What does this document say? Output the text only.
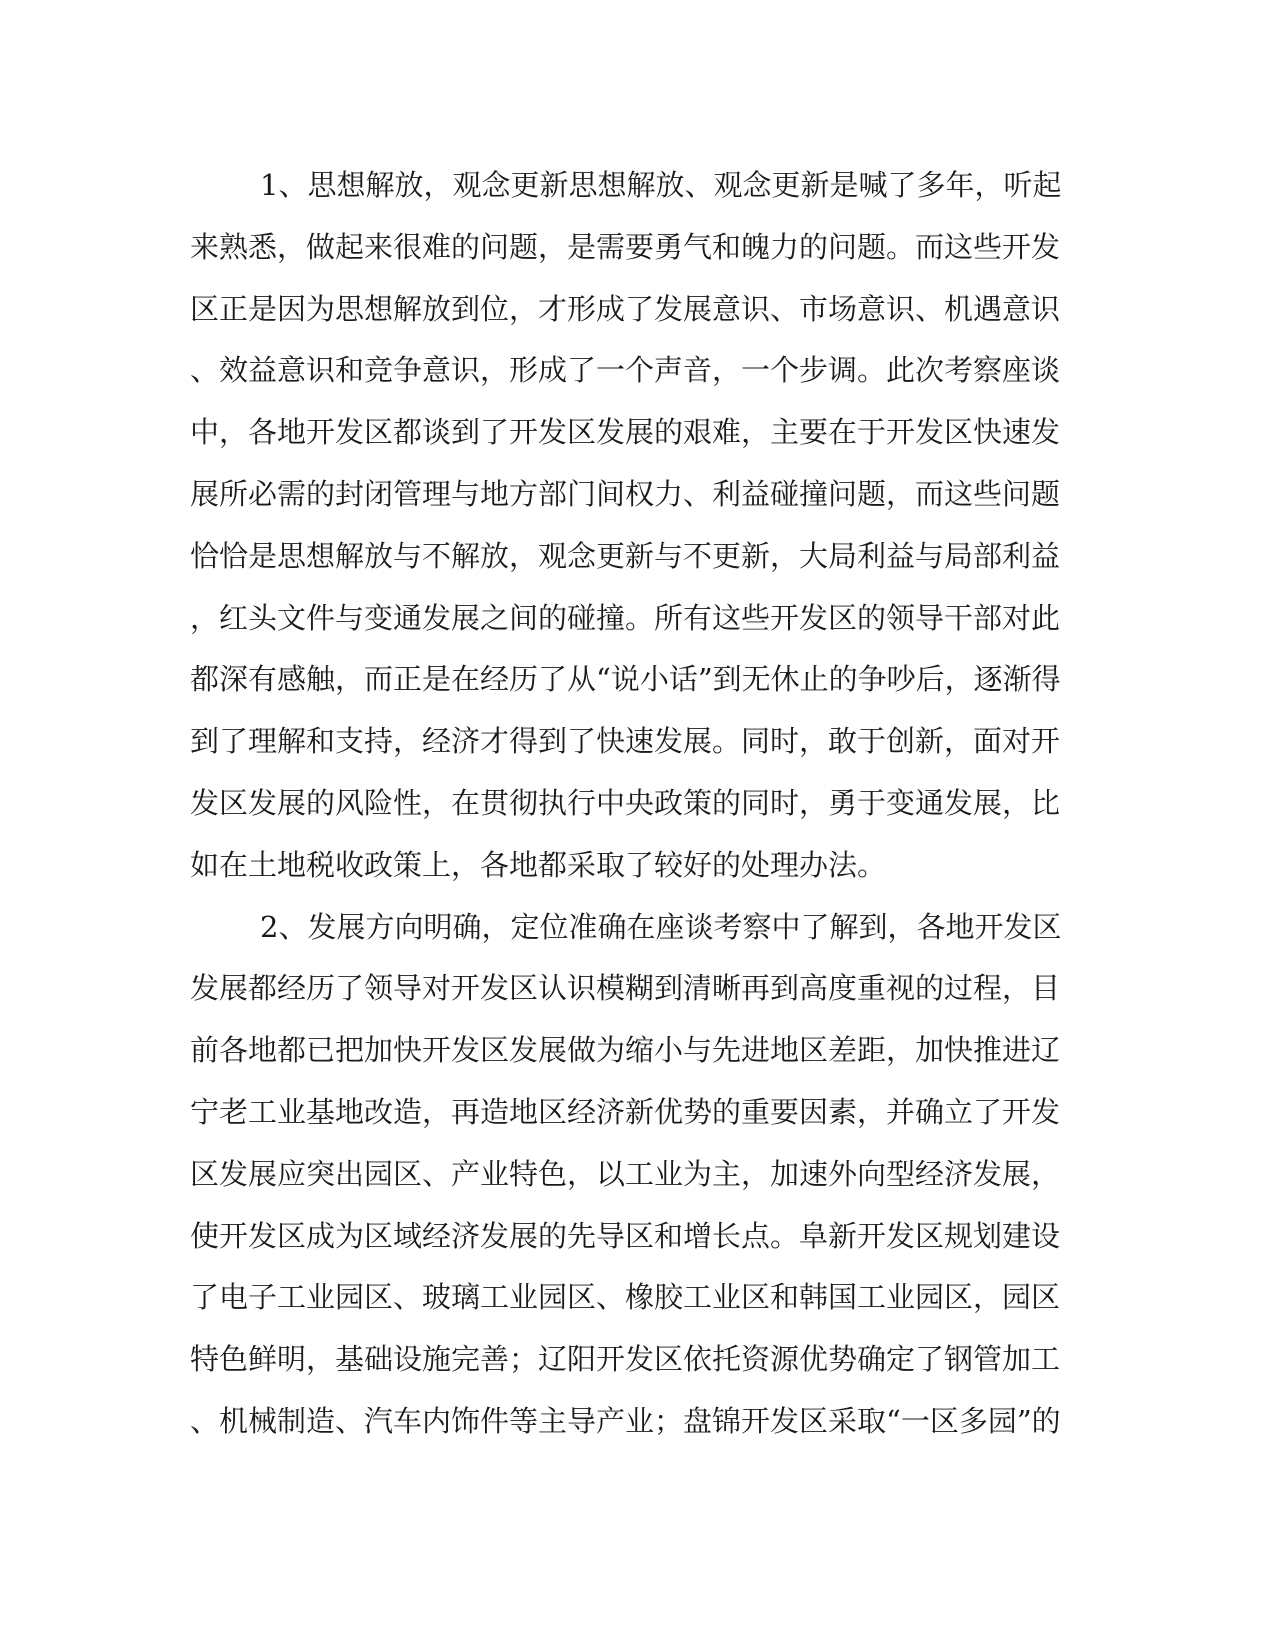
1、思想解放，观念更新思想解放、观念更新是喊了多年，听起
来熟悉，做起来很难的问题，是需要勇气和魄力的问题。而这些开发
区正是因为思想解放到位，才形成了发展意识、市场意识、机遇意识
、效益意识和竞争意识，形成了一个声音，一个步调。此次考察座谈
中，各地开发区都谈到了开发区发展的艰难，主要在于开发区快速发
展所必需的封闭管理与地方部门间权力、利益碰撞问题，而这些问题
恰恰是思想解放与不解放，观念更新与不更新，大局利益与局部利益
，红头文件与变通发展之间的碰撞。所有这些开发区的领导干部对此
都深有感触，而正是在经历了从“说小话”到无休止的争吵后，逐渐得
到了理解和支持，经济才得到了快速发展。同时，敢于创新，面对开
发区发展的风险性，在贯彻执行中央政策的同时，勇于变通发展，比
如在土地税收政策上，各地都采取了较好的处理办法。
2、发展方向明确，定位准确在座谈考察中了解到，各地开发区
发展都经历了领导对开发区认识模糊到清晰再到高度重视的过程，目
前各地都已把加快开发区发展做为缩小与先进地区差距，加快推进辽
宁老工业基地改造，再造地区经济新优势的重要因素，并确立了开发
区发展应突出园区、产业特色，以工业为主，加速外向型经济发展，
使开发区成为区域经济发展的先导区和增长点。阜新开发区规划建设
了电子工业园区、玻璃工业园区、橡胶工业区和韩国工业园区，园区
特色鲜明，基础设施完善；辽阳开发区依托资源优势确定了钢管加工
、机械制造、汽车内饰件等主导产业；盘锦开发区采取“一区多园”的
